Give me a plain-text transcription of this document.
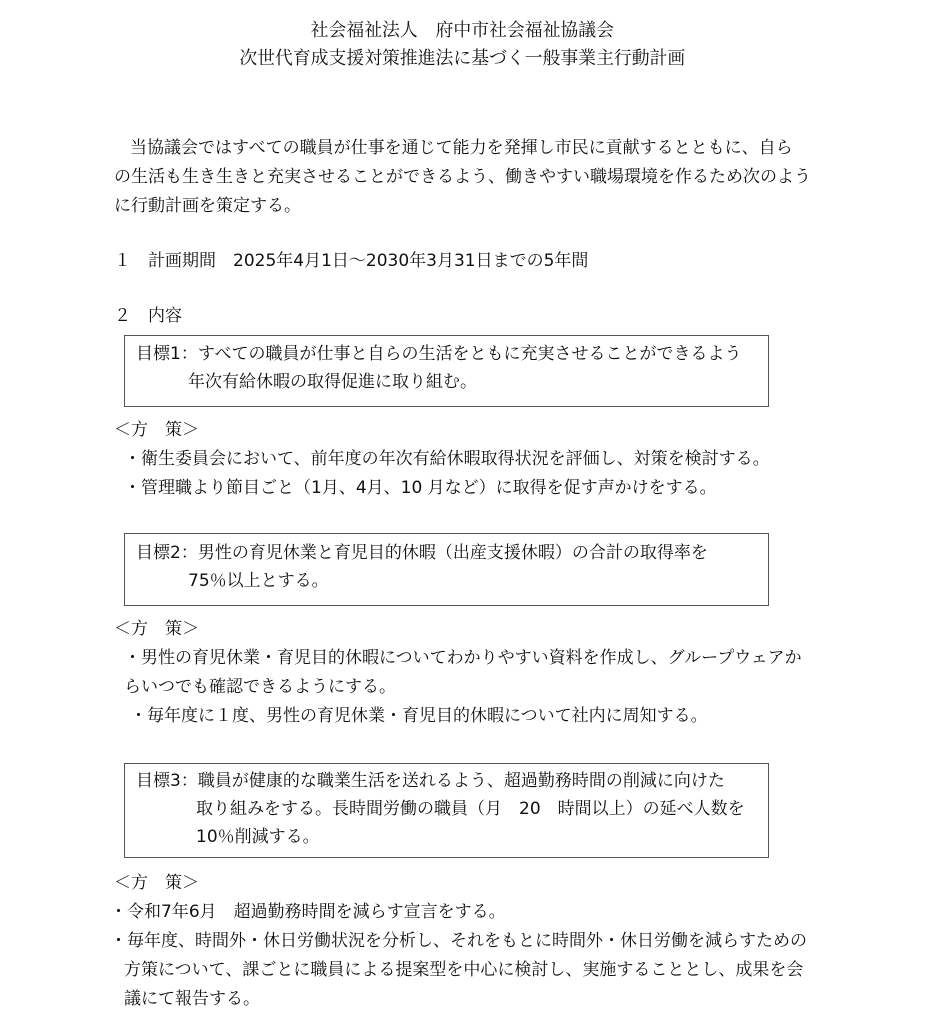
社会福祉法人　府中市社会福祉協議会
次世代育成支援対策推進法に基づく一般事業主行動計画
当協議会ではすべての職員が仕事を通じて能力を発揮し市民に貢献するとともに、自ら
の生活も生き生きと充実させることができるよう、働きやすい職場環境を作るため次のよう
に行動計画を策定する。
１　計画期間　2025年4月1日～2030年3月31日までの5年間
２　内容
目標1：すべての職員が仕事と自らの生活をともに充実させることができるよう
年次有給休暇の取得促進に取り組む。
＜方　策＞
・衛生委員会において、前年度の年次有給休暇取得状況を評価し、対策を検討する。
・管理職より節目ごと（1月、4月、10 月など）に取得を促す声かけをする。
目標2：男性の育児休業と育児目的休暇（出産支援休暇）の合計の取得率を
75％以上とする。
＜方　策＞
・男性の育児休業・育児目的休暇についてわかりやすい資料を作成し、グループウェアか
らいつでも確認できるようにする。
・毎年度に１度、男性の育児休業・育児目的休暇について社内に周知する。
目標3：職員が健康的な職業生活を送れるよう、超過勤務時間の削減に向けた
取り組みをする。長時間労働の職員（月　20　時間以上）の延べ人数を
10％削減する。
＜方　策＞
・令和7年6月　超過勤務時間を減らす宣言をする。
・毎年度、時間外・休日労働状況を分析し、それをもとに時間外・休日労働を減らすための
方策について、課ごとに職員による提案型を中心に検討し、実施することとし、成果を会
議にて報告する。
